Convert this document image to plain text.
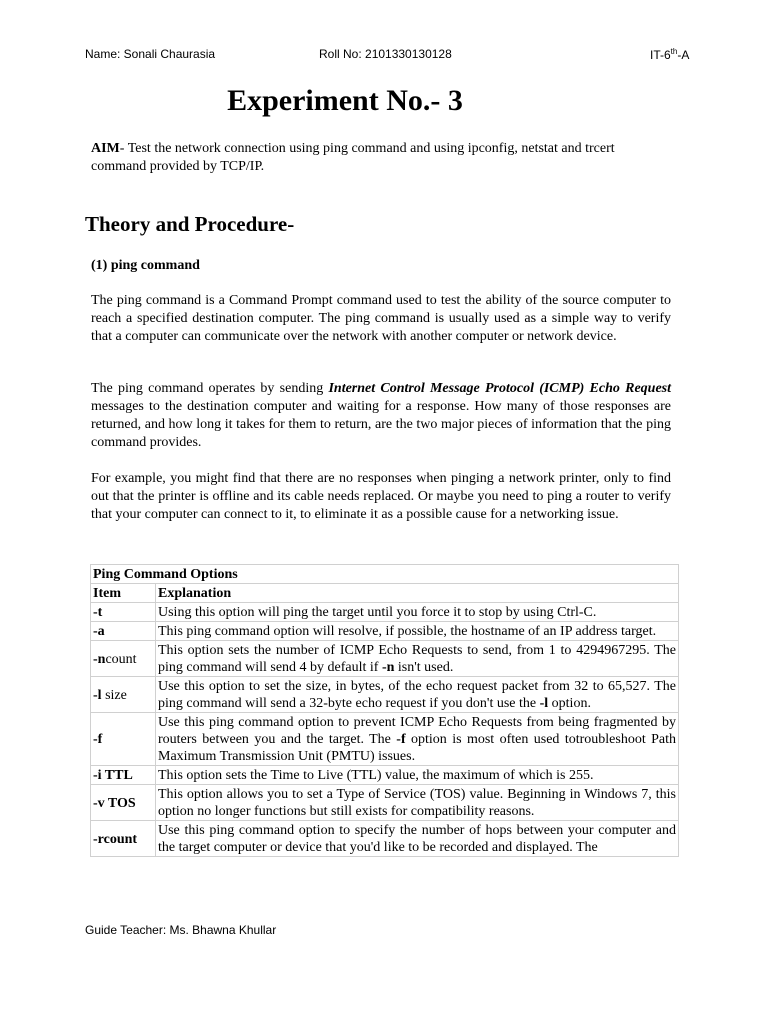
Name: Sonali Chaurasia	Roll No: 2101330130128	IT-6th-A
Experiment No.- 3

AIM- Test the network connection using ping command and using ipconfig, netstat and trcert command provided by TCP/IP.

Theory and Procedure-
(1) ping command

The ping command is a Command Prompt command used to test the ability of the source computer to reach a specified destination computer. The ping command is usually used as a simple way to verify that a computer can communicate over the network with another computer or network device.

The ping command operates by sending Internet Control Message Protocol (ICMP) Echo Request messages to the destination computer and waiting for a response. How many of those responses are returned, and how long it takes for them to return, are the two major pieces of information that the ping command provides.

For example, you might find that there are no responses when pinging a network printer, only to find out that the printer is offline and its cable needs replaced. Or maybe you need to ping a router to verify that your computer can connect to it, to eliminate it as a possible cause for a networking issue.

Ping Command Options	
Item	Explanation
-t	Using this option will ping the target until you force it to stop by using Ctrl-C.
-a	This ping command option will resolve, if possible, the hostname of an IP address target.
-ncount	This option sets the number of ICMP Echo Requests to send, from 1 to 4294967295. The ping command will send 4 by default if -n isn't used.
-l size	Use this option to set the size, in bytes, of the echo request packet from 32 to 65,527. The ping command will send a 32-byte echo request if you don't use the -l option.
-f	Use this ping command option to prevent ICMP Echo Requests from being fragmented by routers between you and the target. The -f option is most often used totroubleshoot Path Maximum Transmission Unit (PMTU) issues.
-i TTL	This option sets the Time to Live (TTL) value, the maximum of which is 255.
-v TOS	This option allows you to set a Type of Service (TOS) value. Beginning in Windows 7, this option no longer functions but still exists for compatibility reasons.
-rcount	Use this ping command option to specify the number of hops between your computer and the target computer or device that you'd like to be recorded and displayed. The
Guide Teacher: Ms. Bhawna Khullar
